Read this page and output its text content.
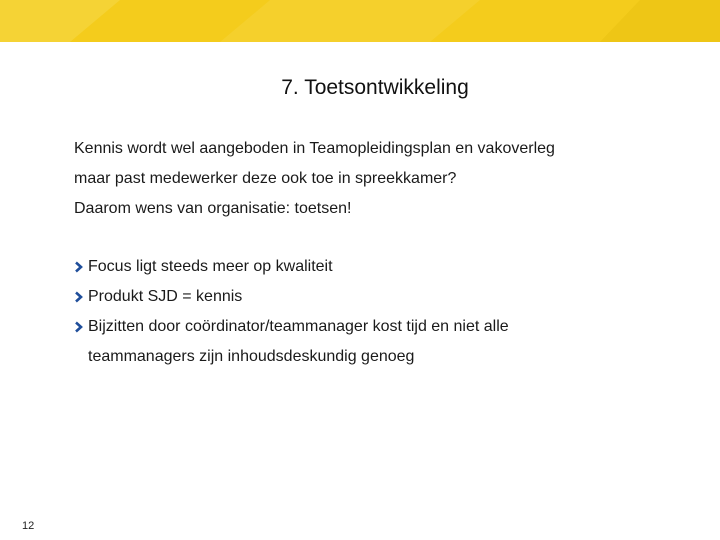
7. Toetsontwikkeling
Kennis wordt wel aangeboden in Teamopleidingsplan en vakoverleg
maar past medewerker deze ook toe in spreekkamer?
Daarom wens van organisatie: toetsen!
Focus ligt steeds meer op kwaliteit
Produkt SJD = kennis
Bijzitten door coördinator/teammanager kost tijd en niet alle
teammanagers zijn inhoudsdeskundig genoeg
12
